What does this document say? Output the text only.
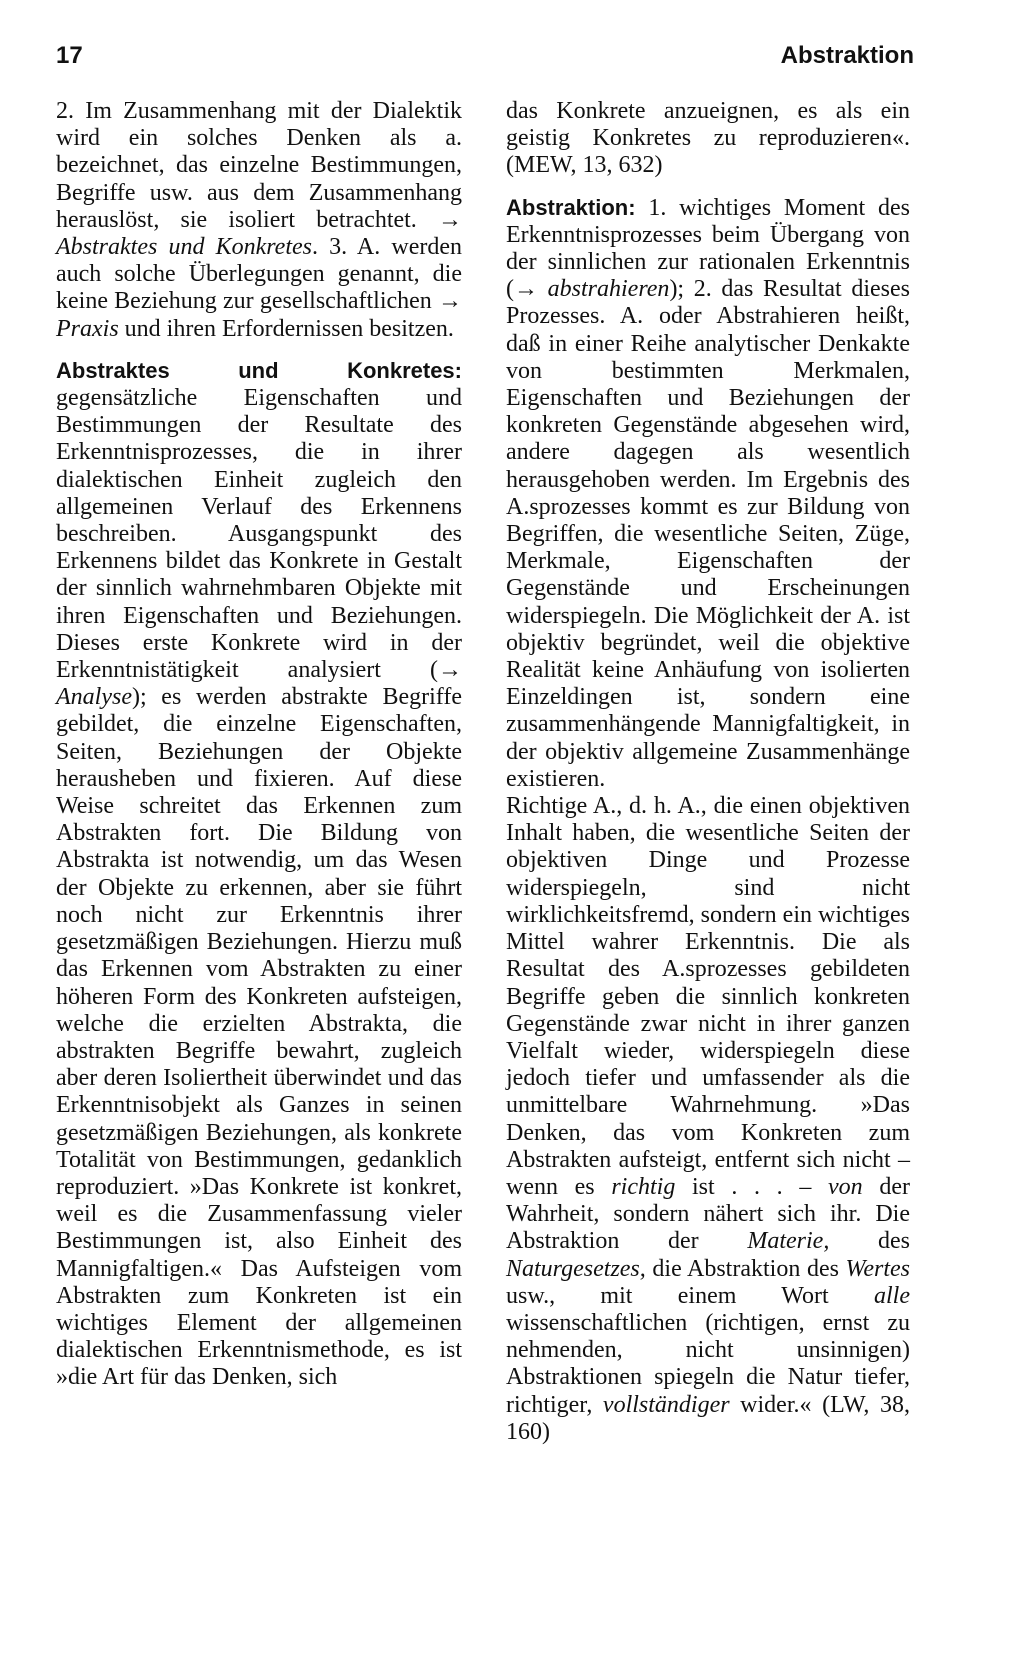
17	Abstraktion

2. Im Zusammenhang mit der Dialektik wird ein solches Denken als a. bezeichnet, das einzelne Bestimmungen, Begriffe usw. aus dem Zusammenhang herauslöst, sie isoliert betrachtet. → Abstraktes und Konkretes. 3. A. werden auch solche Überlegungen genannt, die keine Beziehung zur gesellschaftlichen → Praxis und ihren Erfordernissen besitzen.

Abstraktes und Konkretes: gegensätzliche Eigenschaften und Bestimmungen der Resultate des Erkenntnisprozesses, die in ihrer dialektischen Einheit zugleich den allgemeinen Verlauf des Erkennens beschreiben. Ausgangspunkt des Erkennens bildet das Konkrete in Gestalt der sinnlich wahrnehmbaren Objekte mit ihren Eigenschaften und Beziehungen. Dieses erste Konkrete wird in der Erkenntnistätigkeit analysiert (→ Analyse); es werden abstrakte Begriffe gebildet, die einzelne Eigenschaften, Seiten, Beziehungen der Objekte herausheben und fixieren. Auf diese Weise schreitet das Erkennen zum Abstrakten fort. Die Bildung von Abstrakta ist notwendig, um das Wesen der Objekte zu erkennen, aber sie führt noch nicht zur Erkenntnis ihrer gesetzmäßigen Beziehungen. Hierzu muß das Erkennen vom Abstrakten zu einer höheren Form des Konkreten aufsteigen, welche die erzielten Abstrakta, die abstrakten Begriffe bewahrt, zugleich aber deren Isoliertheit überwindet und das Erkenntnisobjekt als Ganzes in seinen gesetzmäßigen Beziehungen, als konkrete Totalität von Bestimmungen, gedanklich reproduziert. »Das Konkrete ist konkret, weil es die Zusammenfassung vieler Bestimmungen ist, also Einheit des Mannigfaltigen.« Das Aufsteigen vom Abstrakten zum Konkreten ist ein wichtiges Element der allgemeinen dialektischen Erkenntnismethode, es ist »die Art für das Denken, sich

das Konkrete anzueignen, es als ein geistig Konkretes zu reproduzieren«. (MEW, 13, 632)

Abstraktion: 1. wichtiges Moment des Erkenntnisprozesses beim Übergang von der sinnlichen zur rationalen Erkenntnis (→ abstrahieren); 2. das Resultat dieses Prozesses. A. oder Abstrahieren heißt, daß in einer Reihe analytischer Denkakte von bestimmten Merkmalen, Eigenschaften und Beziehungen der konkreten Gegenstände abgesehen wird, andere dagegen als wesentlich herausgehoben werden. Im Ergebnis des A.sprozesses kommt es zur Bildung von Begriffen, die wesentliche Seiten, Züge, Merkmale, Eigenschaften der Gegenstände und Erscheinungen widerspiegeln. Die Möglichkeit der A. ist objektiv begründet, weil die objektive Realität keine Anhäufung von isolierten Einzeldingen ist, sondern eine zusammenhängende Mannigfaltigkeit, in der objektiv allgemeine Zusammenhänge existieren.

Richtige A., d. h. A., die einen objektiven Inhalt haben, die wesentliche Seiten der objektiven Dinge und Prozesse widerspiegeln, sind nicht wirklichkeitsfremd, sondern ein wichtiges Mittel wahrer Erkenntnis. Die als Resultat des A.sprozesses gebildeten Begriffe geben die sinnlich konkreten Gegenstände zwar nicht in ihrer ganzen Vielfalt wieder, widerspiegeln diese jedoch tiefer und umfassender als die unmittelbare Wahrnehmung. »Das Denken, das vom Konkreten zum Abstrakten aufsteigt, entfernt sich nicht – wenn es richtig ist . . . – von der Wahrheit, sondern nähert sich ihr. Die Abstraktion der Materie, des Naturgesetzes, die Abstraktion des Wertes usw., mit einem Wort alle wissenschaftlichen (richtigen, ernst zu nehmenden, nicht unsinnigen) Abstraktionen spiegeln die Natur tiefer, richtiger, vollständiger wider.« (LW, 38, 160)
